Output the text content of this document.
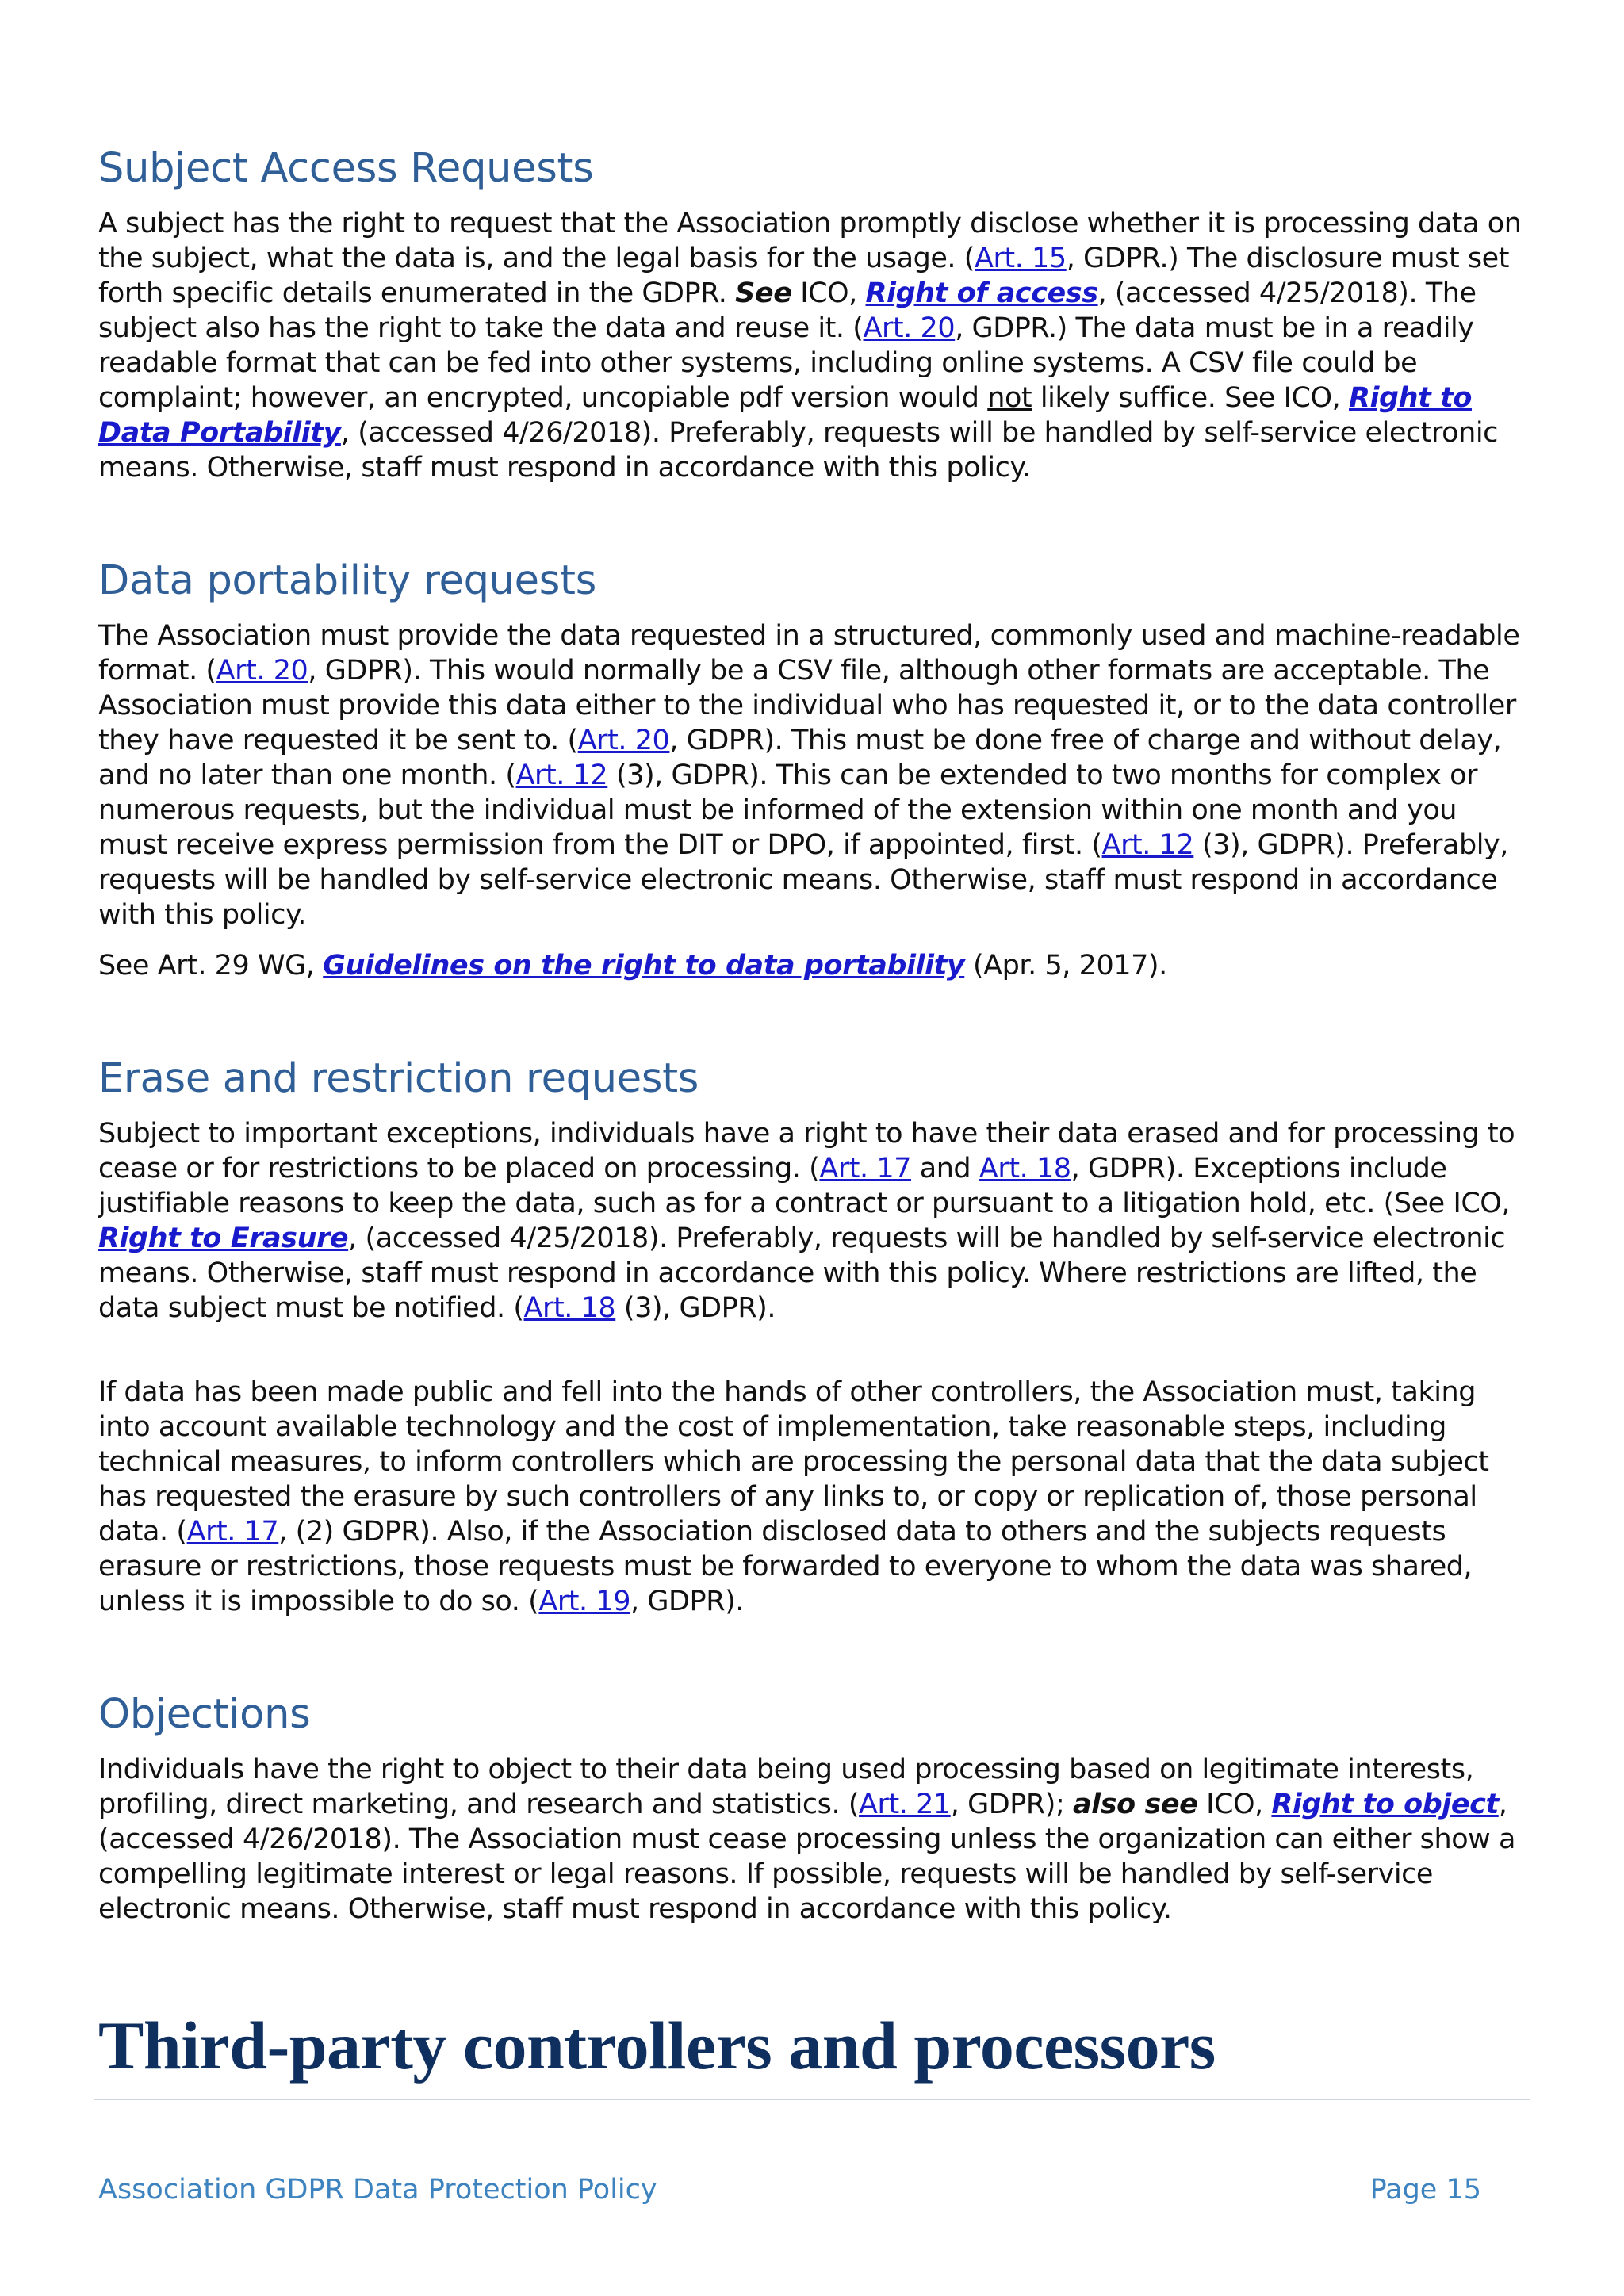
Subject Access Requests

A subject has the right to request that the Association promptly disclose whether it is processing data on the subject, what the data is, and the legal basis for the usage. (Art. 15, GDPR.) The disclosure must set forth specific details enumerated in the GDPR. See ICO, Right of access, (accessed 4/25/2018). The subject also has the right to take the data and reuse it. (Art. 20, GDPR.) The data must be in a readily readable format that can be fed into other systems, including online systems. A CSV file could be complaint; however, an encrypted, uncopiable pdf version would not likely suffice. See ICO, Right to Data Portability, (accessed 4/26/2018). Preferably, requests will be handled by self-service electronic means. Otherwise, staff must respond in accordance with this policy.

Data portability requests

The Association must provide the data requested in a structured, commonly used and machine-readable format. (Art. 20, GDPR). This would normally be a CSV file, although other formats are acceptable. The Association must provide this data either to the individual who has requested it, or to the data controller they have requested it be sent to. (Art. 20, GDPR). This must be done free of charge and without delay, and no later than one month. (Art. 12 (3), GDPR). This can be extended to two months for complex or numerous requests, but the individual must be informed of the extension within one month and you must receive express permission from the DIT or DPO, if appointed, first. (Art. 12 (3), GDPR). Preferably, requests will be handled by self-service electronic means. Otherwise, staff must respond in accordance with this policy.

See Art. 29 WG, Guidelines on the right to data portability (Apr. 5, 2017).

Erase and restriction requests

Subject to important exceptions, individuals have a right to have their data erased and for processing to cease or for restrictions to be placed on processing. (Art. 17 and Art. 18, GDPR). Exceptions include justifiable reasons to keep the data, such as for a contract or pursuant to a litigation hold, etc. (See ICO, Right to Erasure, (accessed 4/25/2018). Preferably, requests will be handled by self-service electronic means. Otherwise, staff must respond in accordance with this policy. Where restrictions are lifted, the data subject must be notified. (Art. 18 (3), GDPR).

If data has been made public and fell into the hands of other controllers, the Association must, taking into account available technology and the cost of implementation, take reasonable steps, including technical measures, to inform controllers which are processing the personal data that the data subject has requested the erasure by such controllers of any links to, or copy or replication of, those personal data. (Art. 17, (2) GDPR). Also, if the Association disclosed data to others and the subjects requests erasure or restrictions, those requests must be forwarded to everyone to whom the data was shared, unless it is impossible to do so. (Art. 19, GDPR).

Objections

Individuals have the right to object to their data being used processing based on legitimate interests, profiling, direct marketing, and research and statistics. (Art. 21, GDPR); also see ICO, Right to object, (accessed 4/26/2018). The Association must cease processing unless the organization can either show a compelling legitimate interest or legal reasons. If possible, requests will be handled by self-service electronic means. Otherwise, staff must respond in accordance with this policy.

Third-party controllers and processors
Association GDPR Data Protection Policy	Page 15
